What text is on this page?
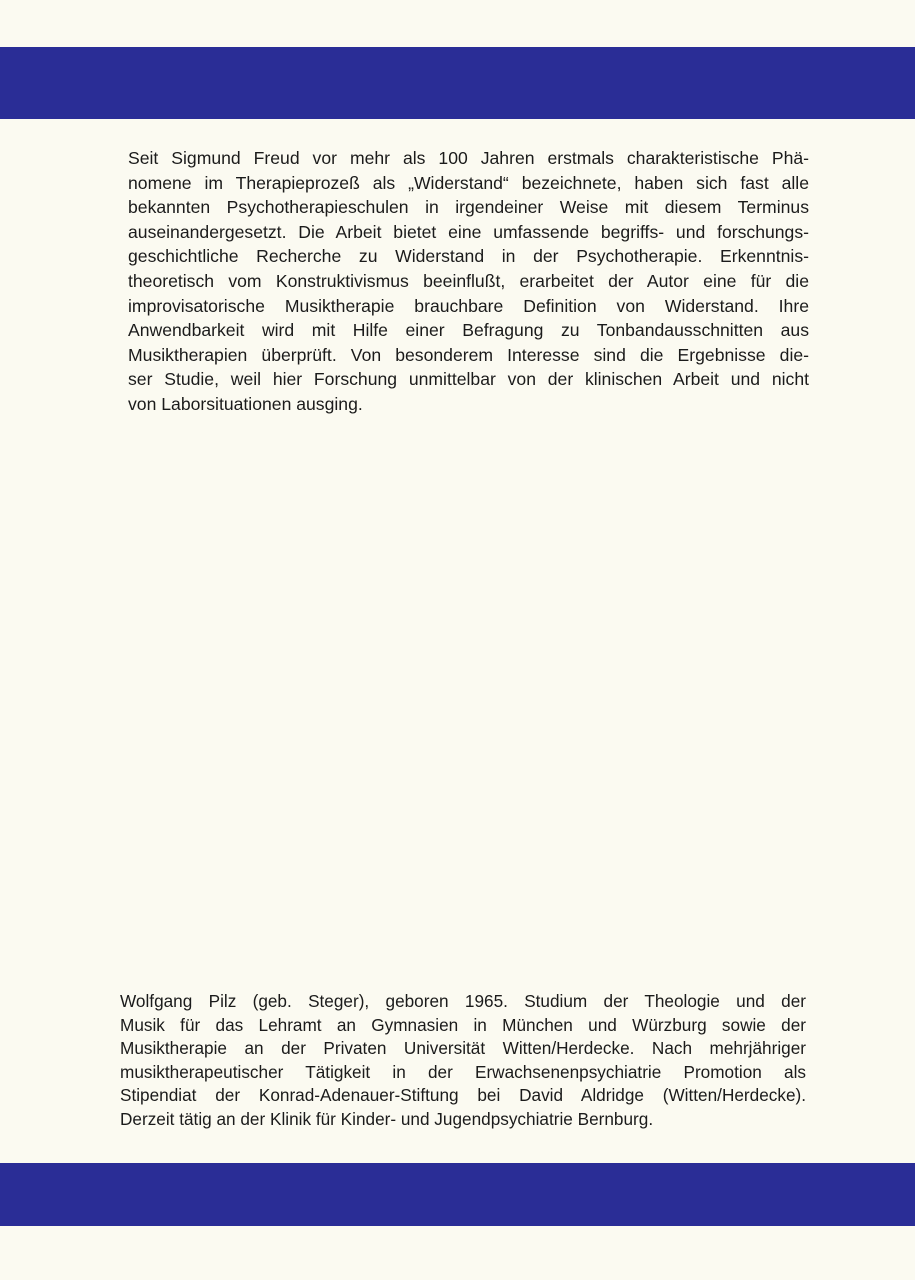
Seit Sigmund Freud vor mehr als 100 Jahren erstmals charakteristische Phä-
nomene im Therapieprozeß als „Widerstand“ bezeichnete, haben sich fast alle
bekannten Psychotherapieschulen in irgendeiner Weise mit diesem Terminus
auseinandergesetzt. Die Arbeit bietet eine umfassende begriffs- und forschungs-
geschichtliche Recherche zu Widerstand in der Psychotherapie. Erkenntnis-
theoretisch vom Konstruktivismus beeinflußt, erarbeitet der Autor eine für die
improvisatorische Musiktherapie brauchbare Definition von Widerstand. Ihre
Anwendbarkeit wird mit Hilfe einer Befragung zu Tonbandausschnitten aus
Musiktherapien überprüft. Von besonderem Interesse sind die Ergebnisse die-
ser Studie, weil hier Forschung unmittelbar von der klinischen Arbeit und nicht
von Laborsituationen ausging.
Wolfgang Pilz (geb. Steger), geboren 1965. Studium der Theologie und der
Musik für das Lehramt an Gymnasien in München und Würzburg sowie der
Musiktherapie an der Privaten Universität Witten/Herdecke. Nach mehrjähriger
musiktherapeutischer Tätigkeit in der Erwachsenenpsychiatrie Promotion als
Stipendiat der Konrad-Adenauer-Stiftung bei David Aldridge (Witten/Herdecke).
Derzeit tätig an der Klinik für Kinder- und Jugendpsychiatrie Bernburg.
